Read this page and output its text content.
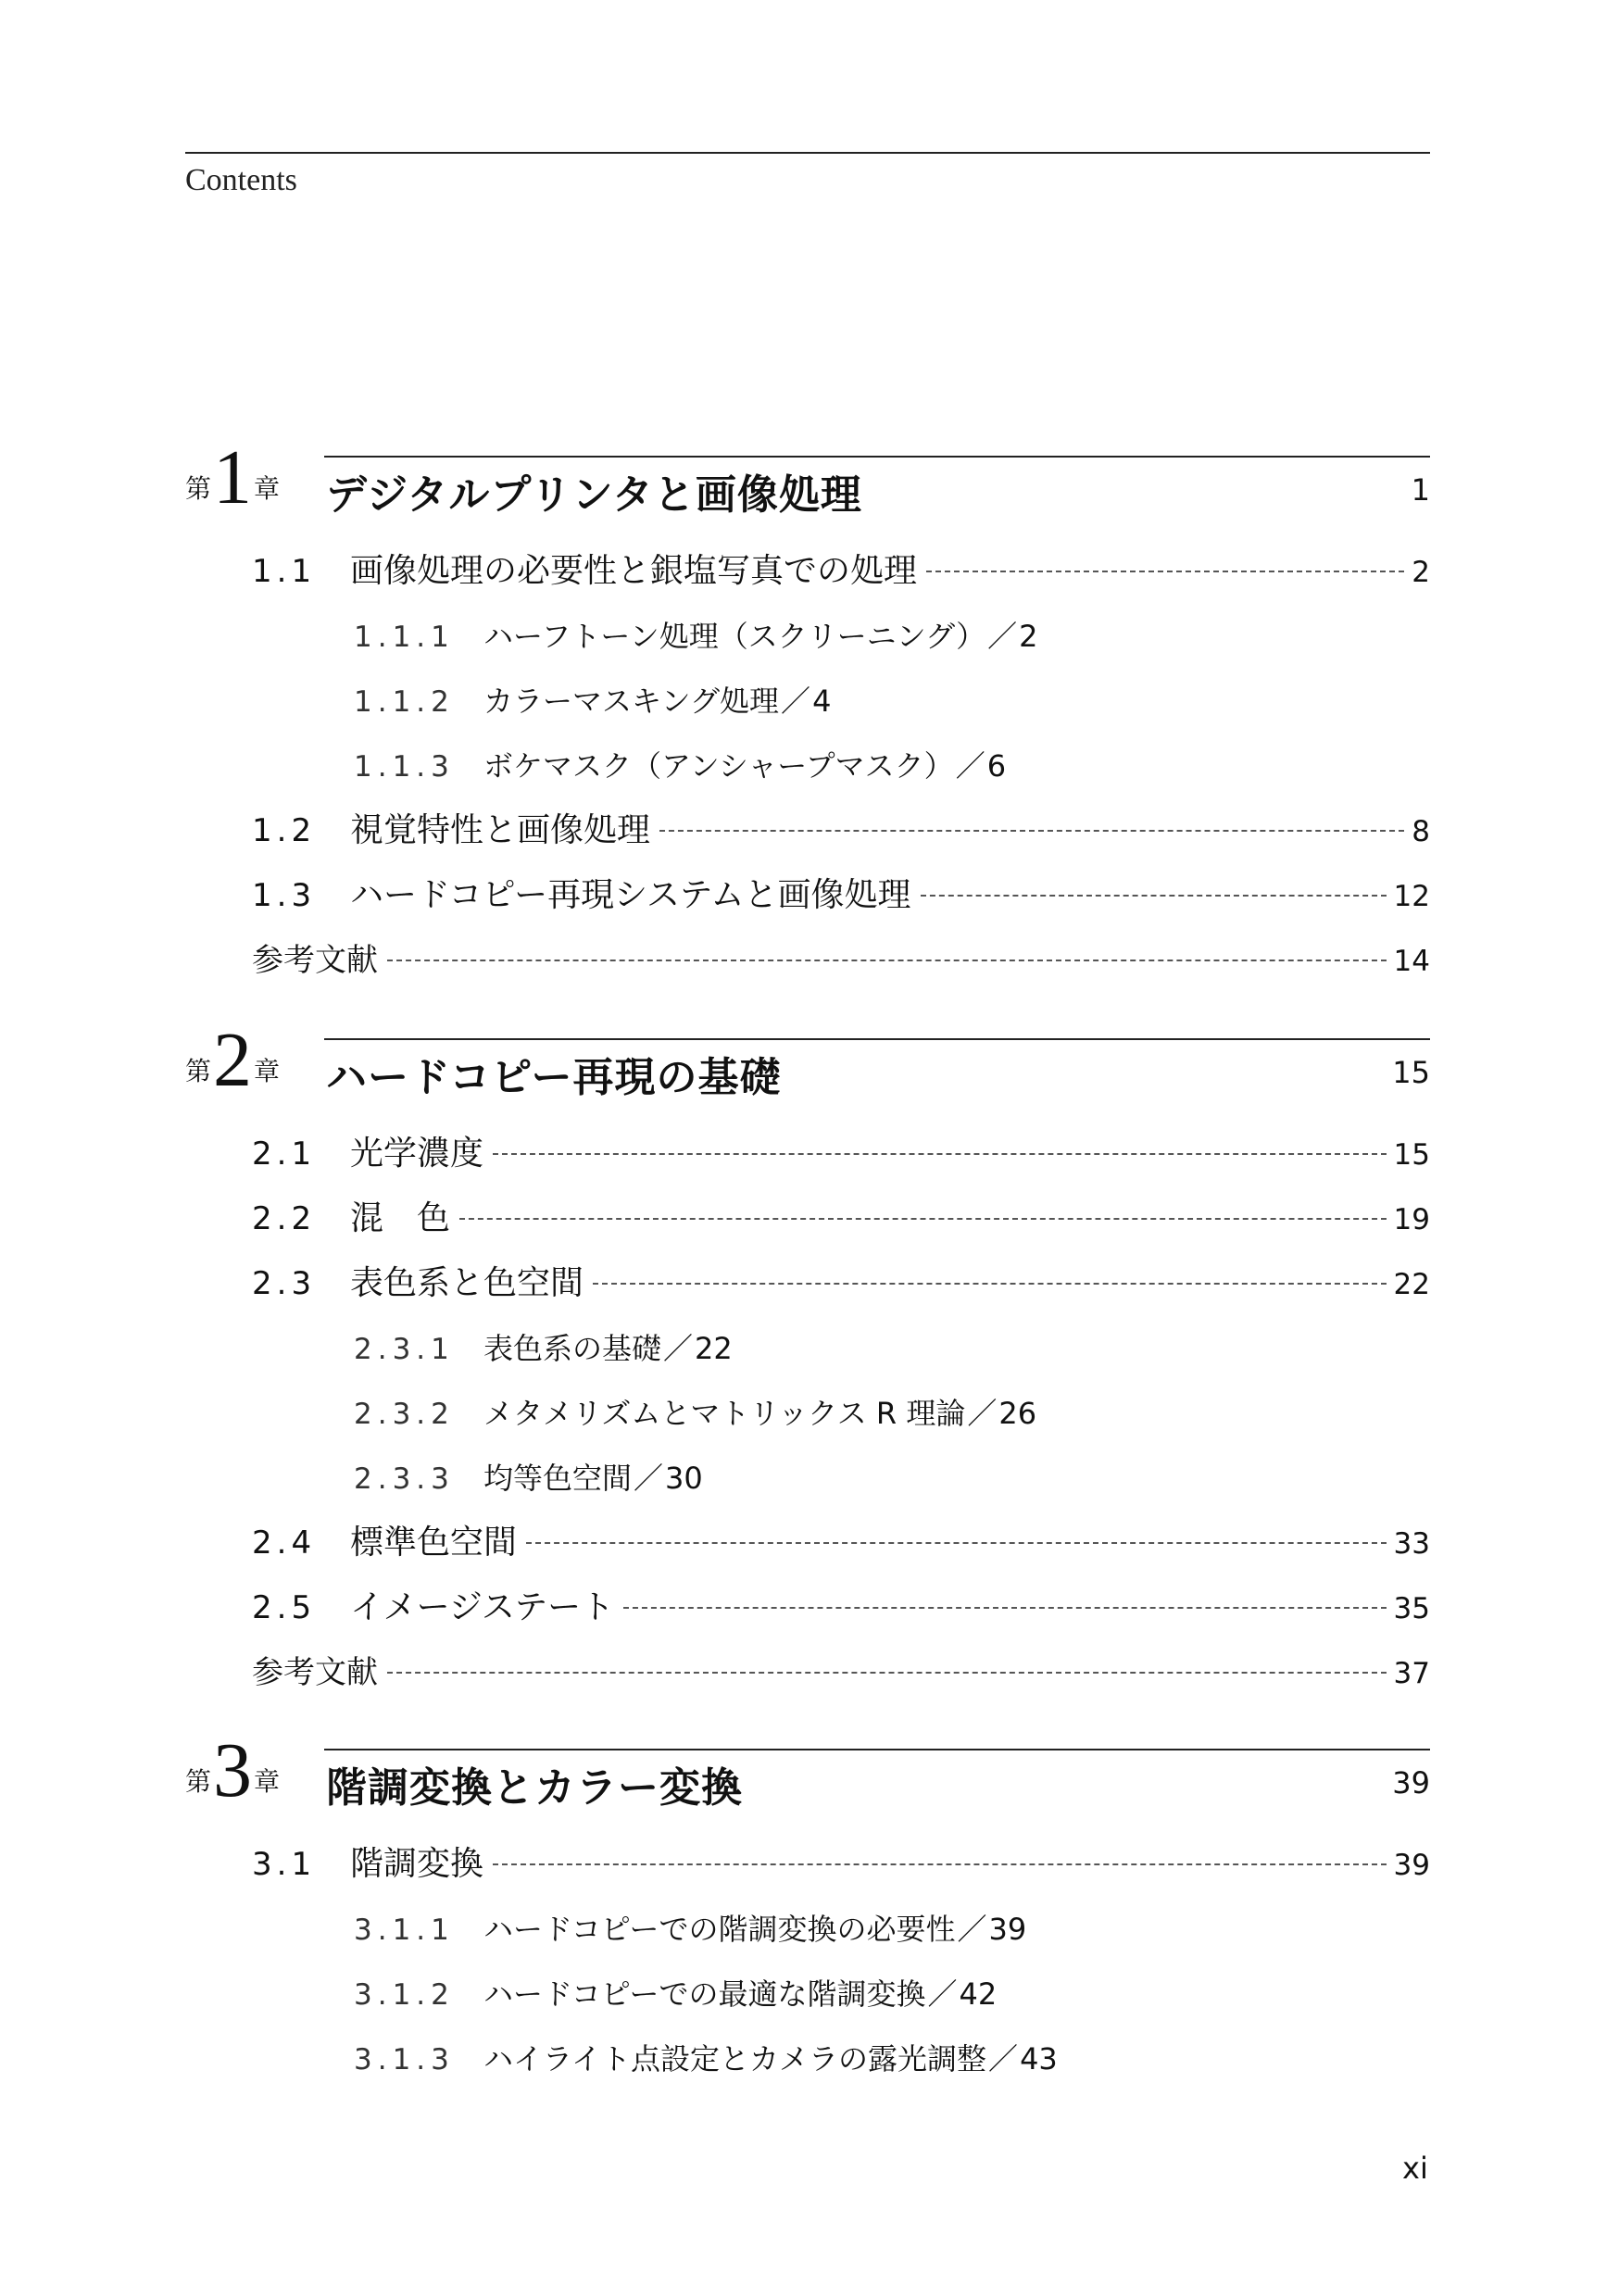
Contents
第1章 デジタルプリンタと画像処理	1
1.1	画像処理の必要性と銀塩写真での処理	2
1.1.1 ハーフトーン処理（スクリーニング） ／ 2
1.1.2 カラーマスキング処理 ／ 4
1.1.3 ボケマスク（アンシャープマスク） ／ 6
1.2	視覚特性と画像処理	8
1.3	ハードコピー再現システムと画像処理	12
参考文献	14
第2章 ハードコピー再現の基礎	15
2.1	光学濃度	15
2.2	混　色	19
2.3	表色系と色空間	22
2.3.1 表色系の基礎 ／ 22
2.3.2 メタメリズムとマトリックス R 理論 ／ 26
2.3.3 均等色空間 ／ 30
2.4	標準色空間	33
2.5	イメージステート	35
参考文献	37
第3章 階調変換とカラー変換	39
3.1	階調変換	39
3.1.1 ハードコピーでの階調変換の必要性 ／ 39
3.1.2 ハードコピーでの最適な階調変換 ／ 42
3.1.3 ハイライト点設定とカメラの露光調整 ／ 43
xi
